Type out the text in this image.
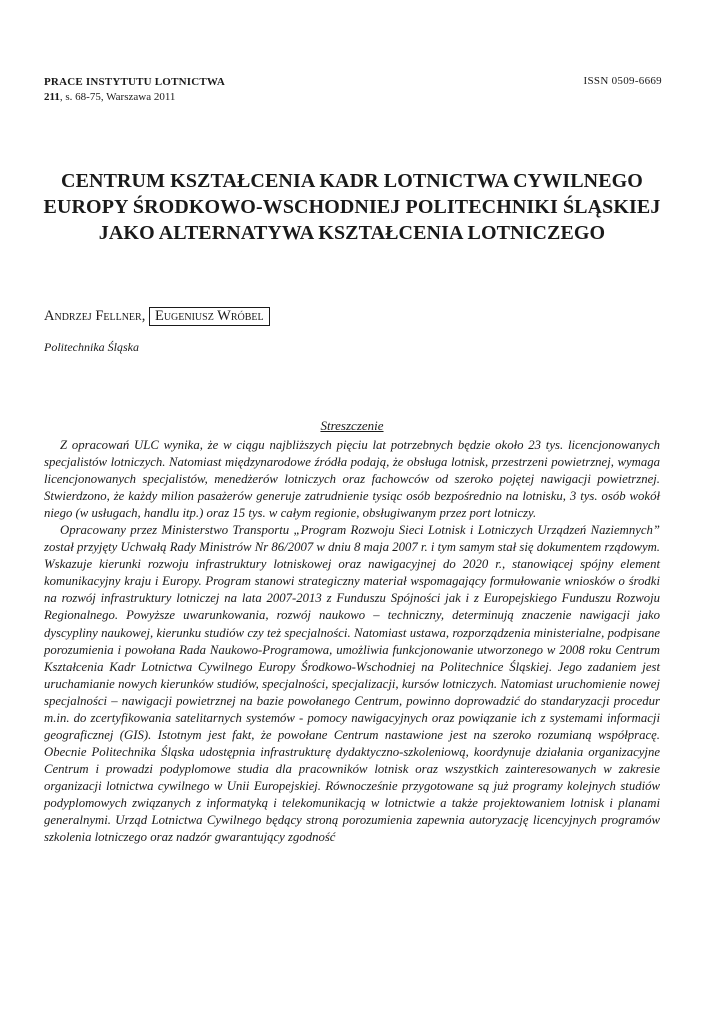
PRACE INSTYTUTU LOTNICTWA
211, s. 68-75, Warszawa 2011
ISSN 0509-6669
CENTRUM KSZTAŁCENIA KADR LOTNICTWA CYWILNEGO
EUROPY ŚRODKOWO-WSCHODNIEJ POLITECHNIKI ŚLĄSKIEJ
JAKO ALTERNATYWA KSZTAŁCENIA LOTNICZEGO
Andrzej Fellner, Eugeniusz Wróbel
Politechnika Śląska
Streszczenie

Z opracowań ULC wynika, że w ciągu najbliższych pięciu lat potrzebnych będzie około 23 tys. licencjonowanych specjalistów lotniczych. Natomiast międzynarodowe źródła podają, że obsługa lotnisk, przestrzeni powietrznej, wymaga licencjonowanych specjalistów, menedżerów lotniczych oraz fachowców od szeroko pojętej nawigacji powietrznej. Stwierdzono, że każdy milion pasażerów generuje zatrudnienie tysiąc osób bezpośrednio na lotnisku, 3 tys. osób wokół niego (w usługach, handlu itp.) oraz 15 tys. w całym regionie, obsługiwanym przez port lotniczy.

Opracowany przez Ministerstwo Transportu „Program Rozwoju Sieci Lotnisk i Lotniczych Urządzeń Naziemnych” został przyjęty Uchwałą Rady Ministrów Nr 86/2007 w dniu 8 maja 2007 r. i tym samym stał się dokumentem rządowym. Wskazuje kierunki rozwoju infrastruktury lotniskowej oraz nawigacyjnej do 2020 r., stanowiącej spójny element komunikacyjny kraju i Europy. Program stanowi strategiczny materiał wspomagający formułowanie wniosków o środki na rozwój infrastruktury lotniczej na lata 2007-2013 z Funduszu Spójności jak i z Europejskiego Funduszu Rozwoju Regionalnego. Powyższe uwarunkowania, rozwój naukowo – techniczny, determinują znaczenie nawigacji jako dyscypliny naukowej, kierunku studiów czy też specjalności. Natomiast ustawa, rozporządzenia ministerialne, podpisane porozumienia i powołana Rada Naukowo-Programowa, umożliwia funkcjonowanie utworzonego w 2008 roku Centrum Kształcenia Kadr Lotnictwa Cywilnego Europy Środkowo-Wschodniej na Politechnice Śląskiej. Jego zadaniem jest uruchamianie nowych kierunków studiów, specjalności, specjalizacji, kursów lotniczych. Natomiast uruchomienie nowej specjalności – nawigacji powietrznej na bazie powołanego Centrum, powinno doprowadzić do standaryzacji procedur m.in. do zcertyfikowania satelitarnych systemów - pomocy nawigacyjnych oraz powiązanie ich z systemami informacji geograficznej (GIS). Istotnym jest fakt, że powołane Centrum nastawione jest na szeroko rozumianą współpracę. Obecnie Politechnika Śląska udostępnia infrastrukturę dydaktyczno-szkoleniową, koordynuje działania organizacyjne Centrum i prowadzi podyplomowe studia dla pracowników lotnisk oraz wszystkich zainteresowanych w zakresie organizacji lotnictwa cywilnego w Unii Europejskiej. Równocześnie przygotowane są już programy kolejnych studiów podyplomowych związanych z informatyką i telekomunikacją w lotnictwie a także projektowaniem lotnisk i planami generalnymi. Urząd Lotnictwa Cywilnego będący stroną porozumienia zapewnia autoryzację licencyjnych programów szkolenia lotniczego oraz nadzór gwarantujący zgodność
